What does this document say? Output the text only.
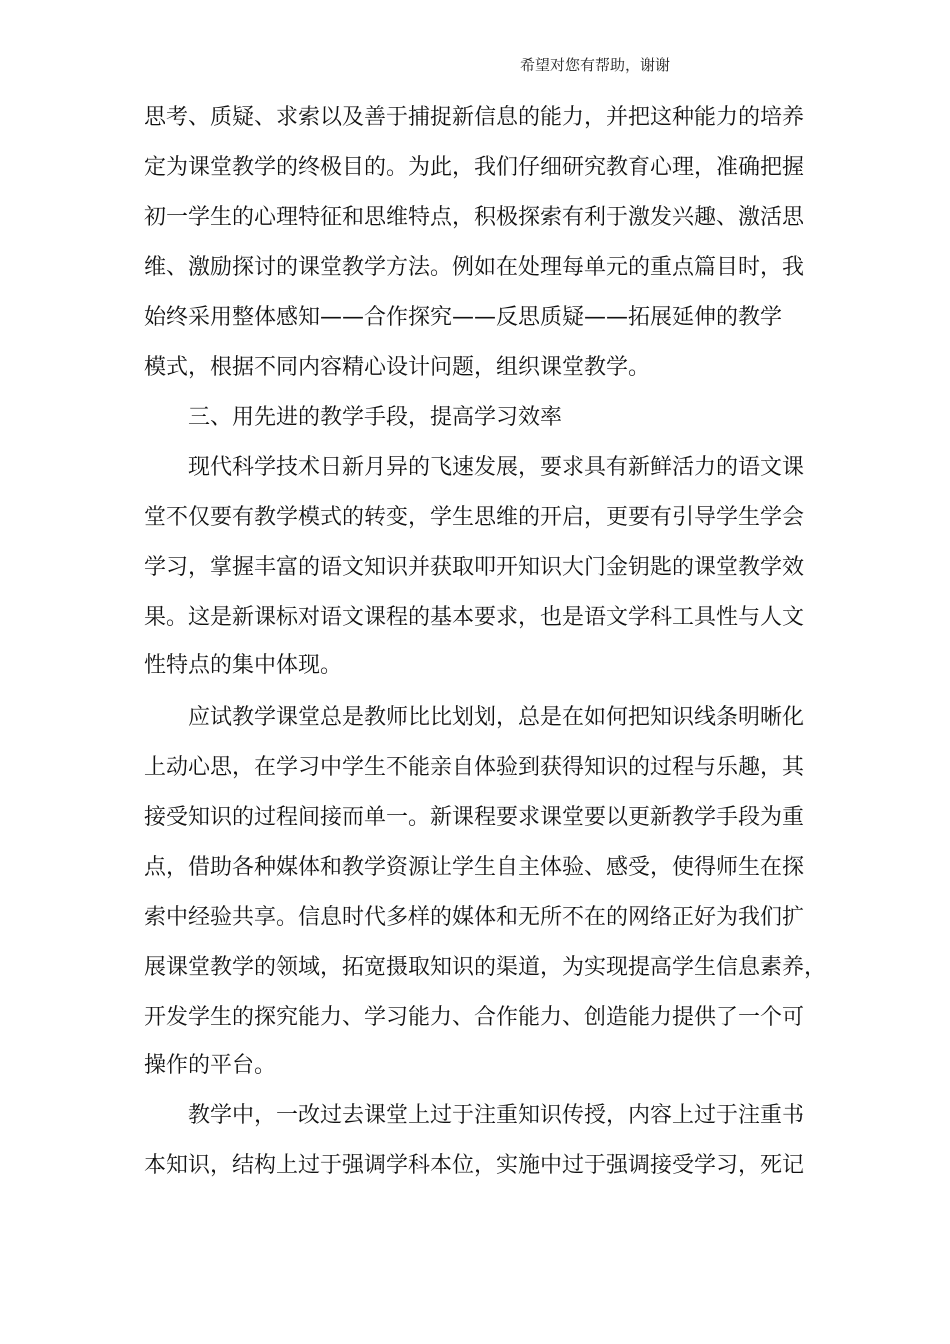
希望对您有帮助，谢谢
思考、质疑、求索以及善于捕捉新信息的能力，并把这种能力的培养
定为课堂教学的终极目的。为此，我们仔细研究教育心理，准确把握
初一学生的心理特征和思维特点，积极探索有利于激发兴趣、激活思
维、激励探讨的课堂教学方法。例如在处理每单元的重点篇目时，我
始终采用整体感知——合作探究——反思质疑——拓展延伸的教学
模式，根据不同内容精心设计问题，组织课堂教学。
三、用先进的教学手段，提高学习效率
现代科学技术日新月异的飞速发展，要求具有新鲜活力的语文课
堂不仅要有教学模式的转变，学生思维的开启，更要有引导学生学会
学习，掌握丰富的语文知识并获取叩开知识大门金钥匙的课堂教学效
果。这是新课标对语文课程的基本要求，也是语文学科工具性与人文
性特点的集中体现。
应试教学课堂总是教师比比划划，总是在如何把知识线条明晰化
上动心思，在学习中学生不能亲自体验到获得知识的过程与乐趣，其
接受知识的过程间接而单一。新课程要求课堂要以更新教学手段为重
点，借助各种媒体和教学资源让学生自主体验、感受，使得师生在探
索中经验共享。信息时代多样的媒体和无所不在的网络正好为我们扩
展课堂教学的领域，拓宽摄取知识的渠道，为实现提高学生信息素养，
开发学生的探究能力、学习能力、合作能力、创造能力提供了一个可
操作的平台。
教学中，一改过去课堂上过于注重知识传授，内容上过于注重书
本知识，结构上过于强调学科本位，实施中过于强调接受学习，死记
